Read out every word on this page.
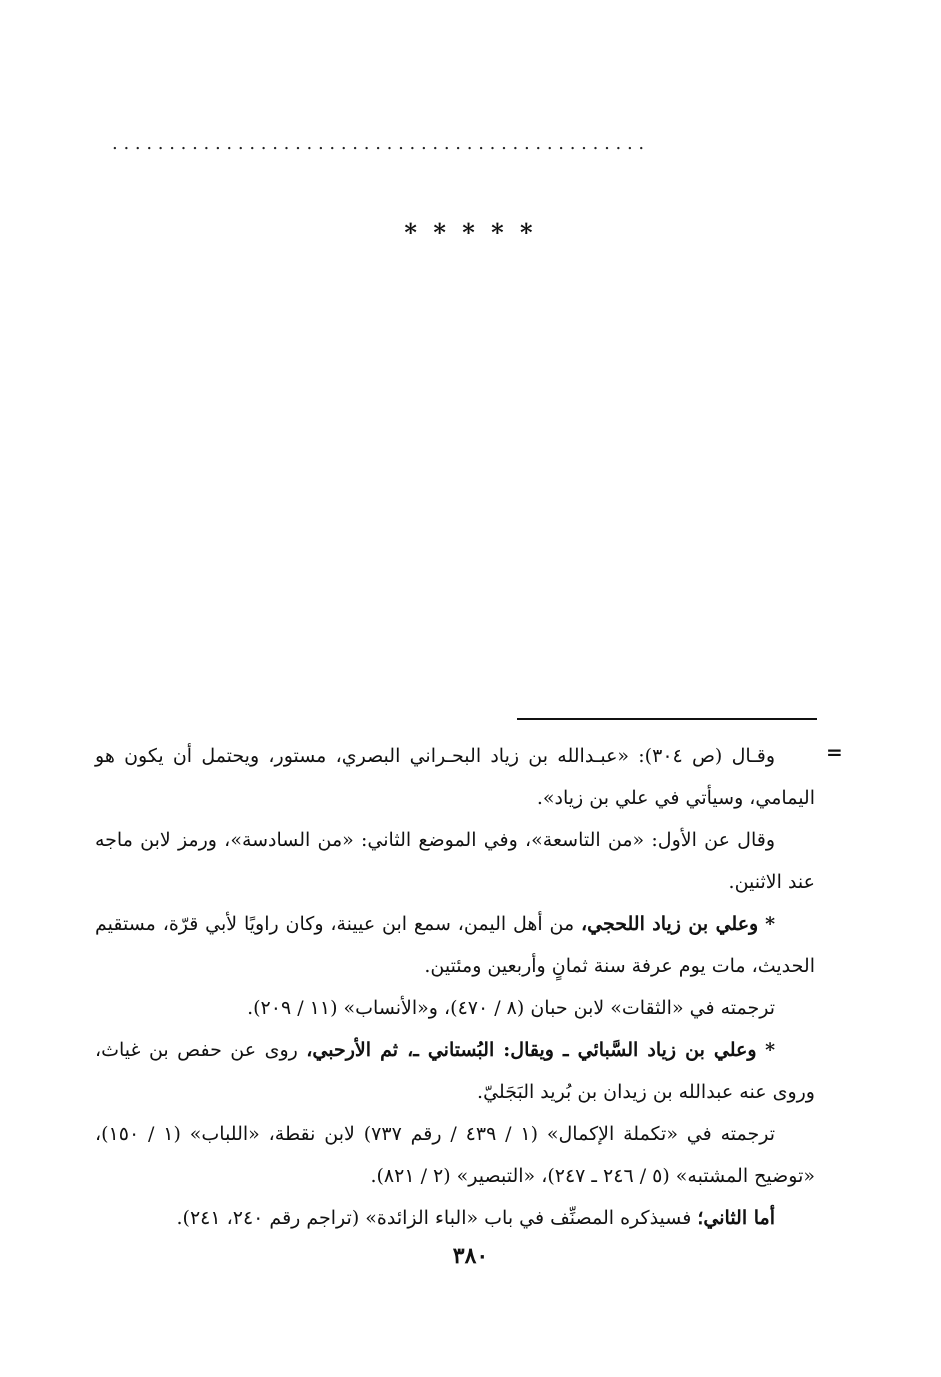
. . . . . . . . . . . . . . . . . . . . . . . . . . . . . . . . . . . . . . . . . . . . . . .
* * * * *
=

وقـال (ص ٣٠٤): «عبـدالله بن زياد البحـراني البصري، مستور، ويحتمل أن يكون هو اليمامي، وسيأتي في علي بن زياد».

وقال عن الأول: «من التاسعة»، وفي الموضع الثاني: «من السادسة»، ورمز لابن ماجه عند الاثنين.

* وعلي بن زياد اللحجي، من أهل اليمن، سمع ابن عيينة، وكان راويًا لأبي قرّة، مستقيم الحديث، مات يوم عرفة سنة ثمانٍ وأربعين ومئتين.

ترجمته في «الثقات» لابن حبان (٨ / ٤٧٠)، و«الأنساب» (١١ / ٢٠٩).

* وعلي بن زياد السَّبائي ـ ويقال: البُستاني ـ، ثم الأرحبي، روى عن حفص بن غياث، وروى عنه عبدالله بن زيدان بن بُريد البَجَليّ.

ترجمته في «تكملة الإكمال» (١ / ٤٣٩ / رقم ٧٣٧) لابن نقطة، «اللباب» (١ / ١٥٠)، «توضيح المشتبه» (٥ / ٢٤٦ ـ ٢٤٧)، «التبصير» (٢ / ٨٢١).

أما الثاني؛ فسيذكره المصنِّف في باب «الباء الزائدة» (تراجم رقم ٢٤٠، ٢٤١).

٣٨٠
